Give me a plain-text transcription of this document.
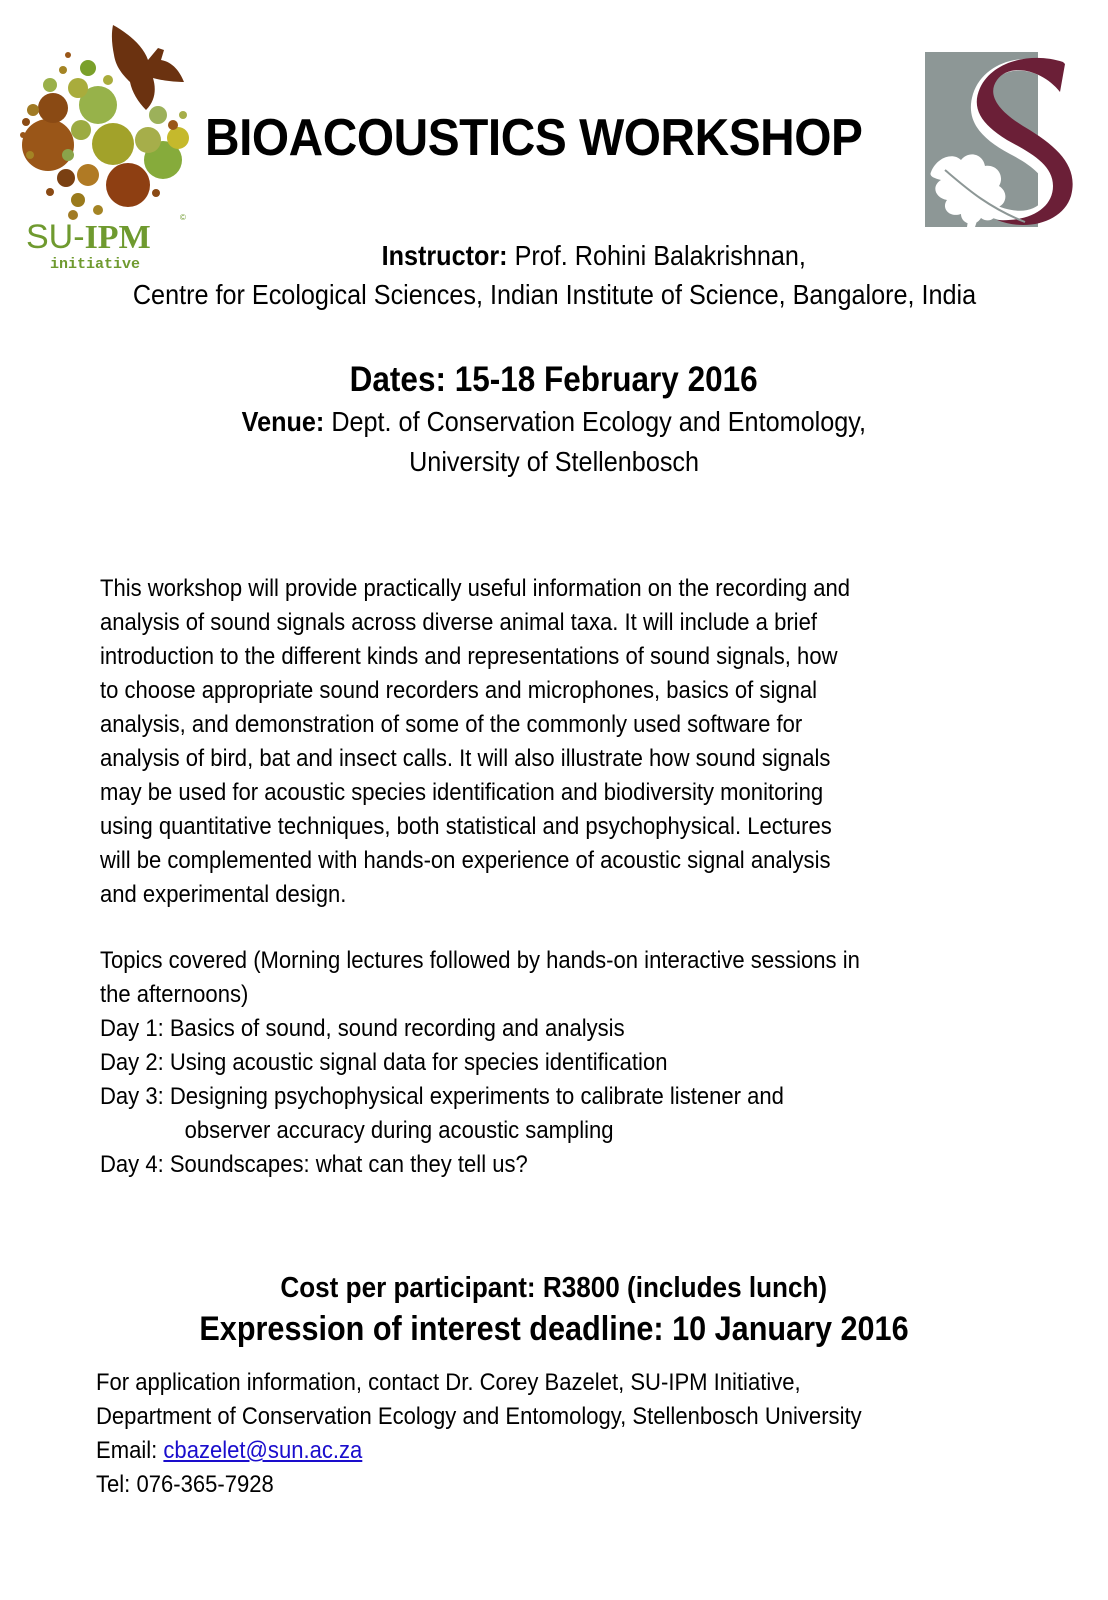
SU-IPM
©
initiative
BIOACOUSTICS WORKSHOP
Instructor: Prof. Rohini Balakrishnan,
Centre for Ecological Sciences, Indian Institute of Science, Bangalore, India
Dates: 15-18 February 2016
Venue: Dept. of Conservation Ecology and Entomology,
University of Stellenbosch
This workshop will provide practically useful information on the recording and
analysis of sound signals across diverse animal taxa. It will include a brief
introduction to the different kinds and representations of sound signals, how
to choose appropriate sound recorders and microphones, basics of signal
analysis, and demonstration of some of the commonly used software for
analysis of bird, bat and insect calls. It will also illustrate how sound signals
may be used for acoustic species identification and biodiversity monitoring
using quantitative techniques, both statistical and psychophysical. Lectures
will be complemented with hands-on experience of acoustic signal analysis
and experimental design.
Topics covered (Morning lectures followed by hands-on interactive sessions in
the afternoons)
Day 1: Basics of sound, sound recording and analysis
Day 2: Using acoustic signal data for species identification
Day 3: Designing psychophysical experiments to calibrate listener and
observer accuracy during acoustic sampling
Day 4: Soundscapes: what can they tell us?
Cost per participant: R3800 (includes lunch)
Expression of interest deadline: 10 January 2016
For application information, contact Dr. Corey Bazelet, SU-IPM Initiative,
Department of Conservation Ecology and Entomology, Stellenbosch University
Email: cbazelet@sun.ac.za
Tel: 076-365-7928
